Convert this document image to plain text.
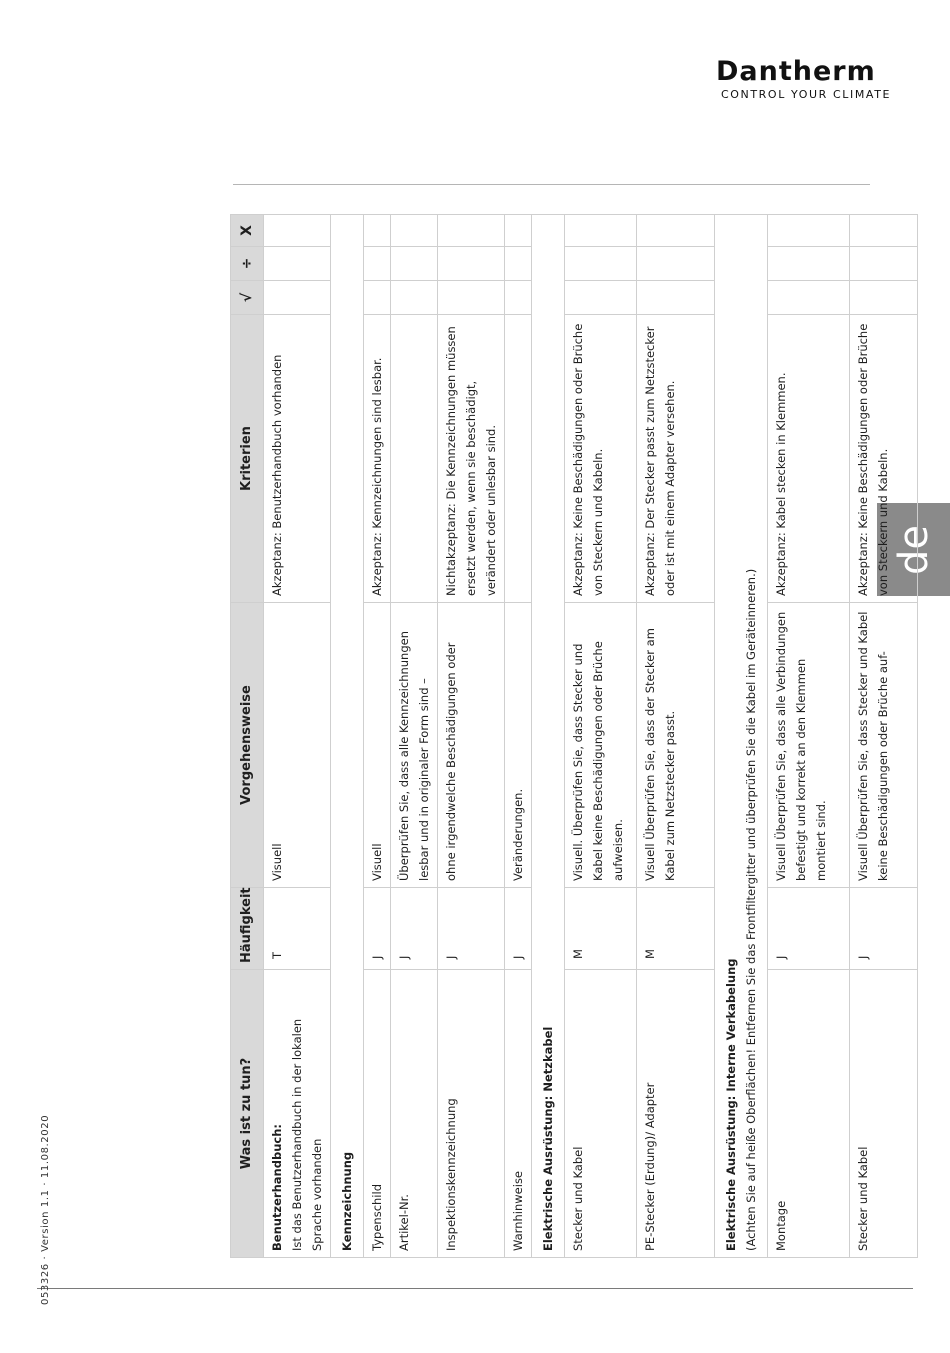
Dantherm
CONTROL YOUR CLIMATE
053326 · Version 1.1 · 11.08.2020
de
Was ist zu tun?	Häufigkeit	Vorgehensweise	Kriterien	√	÷	X

Benutzerhandbuch: Ist das Benutzerhandbuch in der lokalen Sprache vorhanden	T	Visuell	Akzeptanz: Benutzerhandbuch vorhanden			
Kennzeichnung						
Typenschild	J	Visuell	Akzeptanz: Kennzeichnungen sind lesbar.			
Artikel-Nr.	J	Überprüfen Sie, dass alle Kennzeichnungen lesbar und in originaler Form sind –				
Inspektionskennzeichnung	J	ohne irgendwelche Beschädigungen oder	Nichtakzeptanz: Die Kennzeichnungen müssen ersetzt werden, wenn sie beschädigt, verändert oder unlesbar sind.			
Warnhinweise	J	Veränderungen.				
Elektrische Ausrüstung: Netzkabel						
Stecker und Kabel	M	Visuell. Überprüfen Sie, dass Stecker und Kabel keine Beschädigungen oder Brüche aufweisen.	Akzeptanz: Keine Beschädigungen oder Brüche von Steckern und Kabeln.			
PE-Stecker (Erdung)/ Adapter	M	Visuell Überprüfen Sie, dass der Stecker am Kabel zum Netzstecker passt.	Akzeptanz: Der Stecker passt zum Netzstecker oder ist mit einem Adapter versehen.			
Elektrische Ausrüstung: Interne Verkabelung (Achten Sie auf heiße Oberflächen! Entfernen Sie das Frontfiltergitter und überprüfen Sie die Kabel im Geräteinneren.)						
Montage	J	Visuell Überprüfen Sie, dass alle Verbindungen befestigt und korrekt an den Klemmen montiert sind.	Akzeptanz: Kabel stecken in Klemmen.			
Stecker und Kabel	J	Visuell Überprüfen Sie, dass Stecker und Kabel keine Beschädigungen oder Brüche auf-	Akzeptanz: Keine Beschädigungen oder Brüche von Steckern und Kabeln.			
